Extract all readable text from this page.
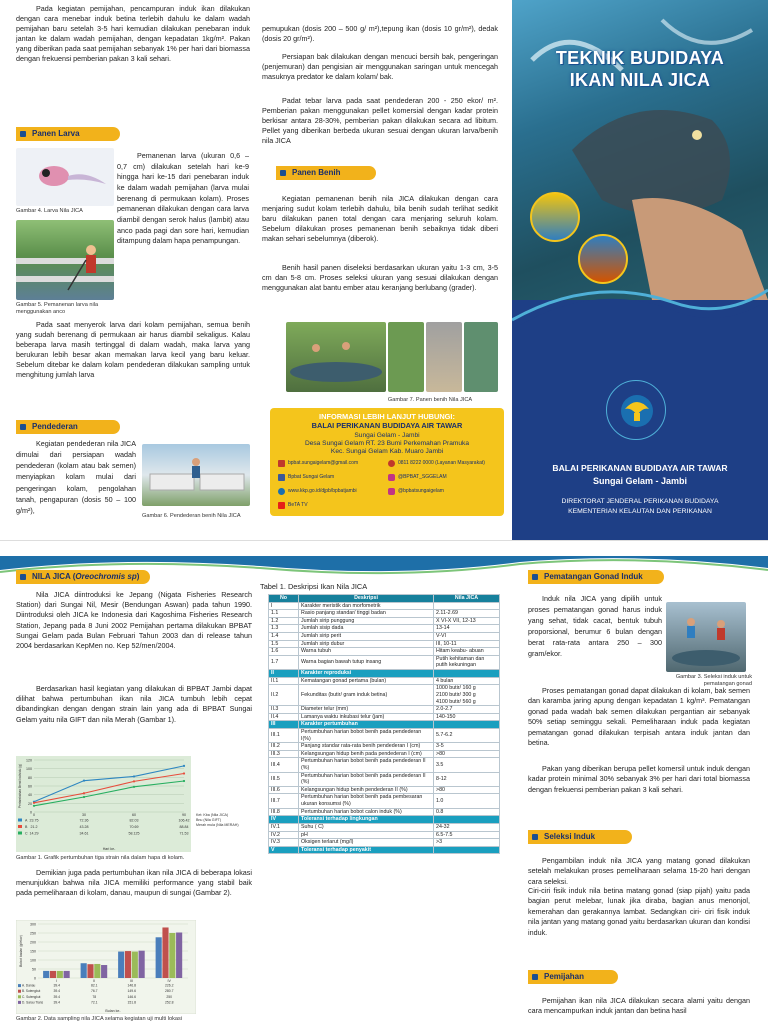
Pada kegiatan pemijahan, pencampuran induk ikan dilakukan dengan cara menebar induk betina terlebih dahulu ke dalam wadah pemijahan baru setelah 3-5 hari kemudian dilakukan penebaran induk jantan ke dalam wadah pemijahan, dengan kepadatan 1kg/m². Pakan yang diberikan pada saat pemijahan sebanyak 1% per hari dari biomassa dengan frekuensi pemberian pakan 3 kali sehari.

Panen Larva
Gambar 4. Larva Nila JICA
Gambar 5. Pemanenan larva nila menggunakan anco

Pemanenan larva (ukuran 0,6 – 0,7 cm) dilakukan setelah hari ke-9 hingga hari ke-15 dari penebaran induk ke dalam wadah pemijahan (larva mulai berenang di permukaan kolam). Proses pemanenan dilakukan dengan cara larva diambil dengan serok halus (lambit) atau anco pada pagi dan sore hari, kemudian ditampung dalam hapa penampungan.

Pada saat menyerok larva dari kolam pemijahan, semua benih yang sudah berenang di permukaan air harus diambil sekaligus. Kalau beberapa larva masih tertinggal di dalam wadah, maka larva yang berukuran lebih besar akan memakan larva kecil yang baru keluar. Sebelum ditebar ke dalam kolam pendederan dilakukan sampling untuk menghitung jumlah larva

Pendederan

Kegiatan pendederan nila JICA dimulai dari persiapan wadah pendederan (kolam atau bak semen) menyiapkan kolam mulai dari pengeringan kolam, pengolahan tanah, pengapuran (dosis 50 – 100 g/m²),

Gambar 6. Pendederan benih Nila JICA

pemupukan (dosis 200 – 500 g/ m²),tepung ikan (dosis 10 gr/m²), dedak (dosis 20 gr/m²).

Persiapan bak dilakukan dengan mencuci bersih bak, pengeringan (penjemuran) dan pengisian air menggunakan saringan untuk mencegah masuknya predator ke dalam kolam/ bak.

Padat tebar larva pada saat pendederan 200 - 250 ekor/ m². Pemberian pakan menggunakan pellet komersial dengan kadar protein berkisar antara 28-30%, pemberian pakan dilakukan secara ad libitum. Pellet yang diberikan berbeda ukuran sesuai dengan ukuran larva/benih nila JICA

Panen Benih

Kegiatan pemanenan benih nila JICA dilakukan dengan cara menjaring sudut kolam terlebih dahulu, bila benih sudah terlihat sedikit baru dilakukan panen total dengan cara menjaring seluruh kolam. Sebelum dilakukan proses pemanenan benih sebaiknya tidak diberi makan sehari sebelumnya (diberok).

Benih hasil panen diseleksi berdasarkan ukuran yaitu 1-3 cm, 3-5 cm dan 5-8 cm. Proses seleksi ukuran yang sesuai dilakukan dengan menggunakan alat bantu ember atau keranjang berlubang (grader).

Gambar 7. Panen benih Nila JICA
INFORMASI LEBIH LANJUT HUBUNGI:
BALAI PERIKANAN BUDIDAYA AIR TAWAR
Sungai Gelam - Jambi
Desa Sungai Gelam RT. 23 Bumi Perkemahan Pramuka
Kec. Sungai Gelam Kab. Muaro Jambi
bpbat.sungaigelam@gmail.com	0811 8222 0000 (Layanan Masyarakat)
Bpbat Sungai Gelam	@BPBAT_SGGELAM
www.kkp.go.id/djpb/bpbatjambi	@bpbatsungaigelam
BeTA TV
TEKNIK BUDIDAYA
IKAN NILA JICA
BALAI PERIKANAN BUDIDAYA AIR TAWAR
Sungai Gelam - Jambi
DIREKTORAT JENDERAL PERIKANAN BUDIDAYA
KEMENTERIAN KELAUTAN DAN PERIKANAN
NILA JICA (Oreochromis sp)

Nila JICA diintroduksi ke Jepang (Nigata Fisheries Research Station) dari Sungai Nil, Mesir (Bendungan Aswan) pada tahun 1990. Diintroduksi oleh JICA ke Indonesia dari Kagoshima Fisheries Research Station, Jepang pada 8 Juni 2002 Pemijahan pertama dilakukan BPBAT Sungai Gelam pada Bulan Februari Tahun 2003 dan di release tahun 2004 berdasarkan KepMen no. Kep 52/men/2004.

Berdasarkan hasil kegiatan yang dilakukan di BPBAT Jambi dapat dilihat bahwa pertumbuhan ikan nila JICA tumbuh lebih cepat dibandingkan dengan dengan strain lain yang ada di BPBAT Sungai Gelam yaitu nila GIFT dan nila Merah (Gambar 1).

0
20
40
60
80
100
120
Pertambahan Berat Individu (g)
0	30	60	90
A 23.75	72.36	82.03	106.42
B 21.2	43.28	70.69	88.84
C 14.29	34.61	58.125	71.53
Hari ke-
Ket: Kba (Nila JICA)
Bnu (Nila GIFT)
Merah mula (Nila MERAH)
Gambar 1. Grafik pertumbuhan tiga strain nila dalam hapa di kolam.

Demikian juga pada pertumbuhan ikan nila JICA di beberapa lokasi menunjukkan bahwa nila JICA memiliki performance yang stabil baik pada pemeliharaan di kolam, danau, maupun di sungai (Gambar 2).

0
50
100
150
200
250
300
Bobot badan (g/ekor)
I	II	III	IV
A. Danau	39.4	82.1	146.8	226.2
B. Sutengkut	39.4	76.7	149.6	280.7
C. Sutengkut	39.4	78	146.6	250
D. Sarau Tians	39.4	72.1	151.8	252.8
Bulan ke-
Gambar 2. Data sampling nila JICA selama kegiatan uji multi lokasi
Tabel 1. Deskripsi Ikan Nila JICA
No	Deskripsi	Nila JICA
I	Karakter meristik dan morfometrik	
1.1	Rasio panjang standar/ tinggi badan	2.11-2.69
1.2	Jumlah sirip punggung	X VI-X VII, 12-13
1.3	Jumlah sisip dada	13-14
1.4	Jumlah sirip perit	V-VI
1.5	Jumlah sirip dubur	III, 10-11
1.6	Warna tubuh	Hitam keabu- abuan
1.7	Warna bagian bawah tutup insang	Putih kehitaman dan putih kekuningan
II	Karakter reproduksi	
II.1	Kematangan gonad pertama (bulan)	4 bulan
II.2	Fekunditas (butir/ gram induk betina)	1000 butir/ 160 g
2100 butir/ 300 g
4100 butir/ 560 g
II.3	Diameter telur (mm)	2.0-2.7
II.4	Lamanya waktu inkubasi telur (jam)	140-150
III	Karakter pertumbuhan	
III.1	Pertumbuhan harian bobot benih pada pendederan I(%)	5.7-6.2
III.2	Panjang standar rata-rata benih pendederan I (cm)	3-5
III.3	Kelangsungan hidup benih pada pendederan I (cm)	>80
III.4	Pertumbuhan harian bobot benih pada pendederan II (%)	3.5
III.5	Pertumbuhan harian bobot benih pada pendederan II (%)	8-12
III.6	Kelangsungan hidup benih pendederan II (%)	>80
III.7	Pertumbuhan harian bobot benih pada pembesaran ukuran konsumsi (%)	1.0
III.8	Pertumbuhan harian bobot calon induk (%)	0.8
IV	Toleransi terhadap lingkungan	
IV.1	Suhu ( C)	24-32
IV.2	pH	6.5-7.5
IV.3	Oksigen terlarut (mg/l)	>3
V	Toleransi terhadap penyakit	
Pematangan Gonad Induk

Induk nila JICA yang dipilih untuk proses pematangan gonad harus induk yang sehat, tidak cacat, bentuk tubuh proporsional, berumur 6 bulan dengan berat rata-rata antara 250 – 300 gram/ekor.

Gambar 3. Seleksi induk untuk pematangan gonad

Proses pematangan gonad dapat dilakukan di kolam, bak semen dan karamba jaring apung dengan kepadatan 1 kg/m³. Pematangan gonad pada wadah bak semen dilakukan pergantian air sebanyak 50% setiap seminggu sekali. Pemeliharaan induk pada kegiatan pematangan gonad dilakukan terpisah antara induk jantan dan betina.

Pakan yang diberikan berupa pellet komersil untuk induk dengan kadar protein minimal 30% sebanyak 3% per hari dari total biomassa dengan frekuensi pemberian pakan 3 kali sehari.

Seleksi Induk

Pengambilan induk nila JICA yang matang gonad dilakukan setelah melakukan proses pemeliharaan selama 15-20 hari dengan cara seleksi.

Ciri-ciri fisik induk nila betina matang gonad (siap pijah) yaitu pada bagian perut melebar, lunak jika diraba, bagian anus menonjol, kemerahan dan gerakannya lambat. Sedangkan ciri- ciri fisik induk nila jantan yang matang gonad yaitu berdasarkan ukuran dan kondisi induk.

Pemijahan

Pemijahan ikan nila JICA dilakukan secara alami yaitu dengan cara mencampurkan induk jantan dan betina hasil
